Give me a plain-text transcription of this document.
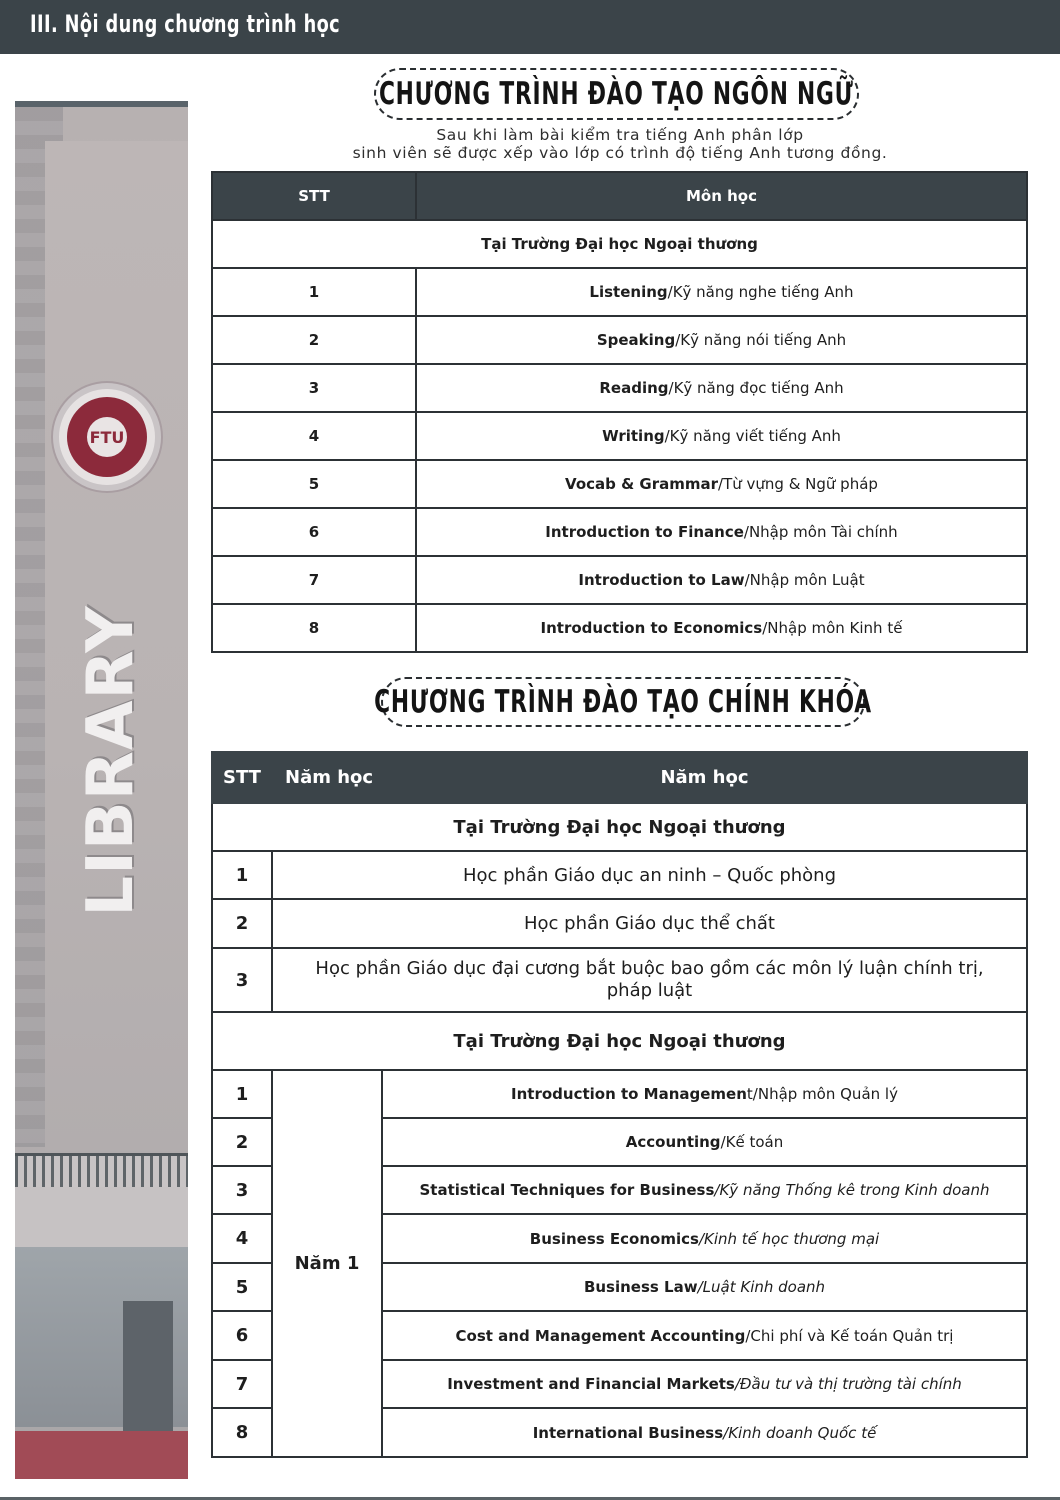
III. Nội dung chương trình học
FTU
LIBRARY
CHƯƠNG TRÌNH ĐÀO TẠO NGÔN NGỮ
Sau khi làm bài kiểm tra tiếng Anh phân lớp
sinh viên sẽ được xếp vào lớp có trình độ tiếng Anh tương đồng.
STT	Môn học
Tại Trường Đại học Ngoại thương	
1	Listening/Kỹ năng nghe tiếng Anh
2	Speaking/Kỹ năng nói tiếng Anh
3	Reading/Kỹ năng đọc tiếng Anh
4	Writing/Kỹ năng viết tiếng Anh
5	Vocab & Grammar/Từ vựng & Ngữ pháp
6	Introduction to Finance/Nhập môn Tài chính
7	Introduction to Law/Nhập môn Luật
8	Introduction to Economics/Nhập môn Kinh tế
CHƯƠNG TRÌNH ĐÀO TẠO CHÍNH KHÓA
STT	Năm học	Năm học
Tại Trường Đại học Ngoại thương		
1	Học phần Giáo dục an ninh – Quốc phòng	
2	Học phần Giáo dục thể chất	
3	Học phần Giáo dục đại cương bắt buộc bao gồm các môn lý luận chính trị, pháp luật	
Tại Trường Đại học Ngoại thương		
1	Năm 1	Introduction to Management/Nhập môn Quản lý
2		Accounting/Kế toán
3		Statistical Techniques for Business/Kỹ năng Thống kê trong Kinh doanh
4		Business Economics/Kinh tế học thương mại
5		Business Law/Luật Kinh doanh
6		Cost and Management Accounting/Chi phí và Kế toán Quản trị
7		Investment and Financial Markets/Đầu tư và thị trường tài chính
8		International Business/Kinh doanh Quốc tế
